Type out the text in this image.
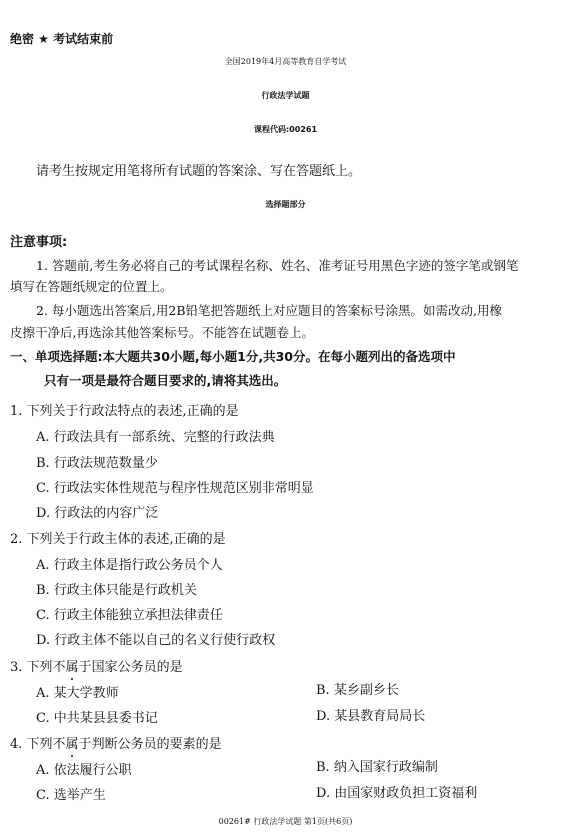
绝密 ★ 考试结束前
全国2019年4月高等教育自学考试
行政法学试题
课程代码:00261
请考生按规定用笔将所有试题的答案涂、写在答题纸上。
选择题部分
注意事项:
1. 答题前,考生务必将自己的考试课程名称、姓名、准考证号用黑色字迹的签字笔或钢笔
填写在答题纸规定的位置上。
2. 每小题选出答案后,用2B铅笔把答题纸上对应题目的答案标号涂黑。如需改动,用橡
皮擦干净后,再选涂其他答案标号。不能答在试题卷上。
一、单项选择题:本大题共30小题,每小题1分,共30分。在每小题列出的备选项中
只有一项是最符合题目要求的,请将其选出。
1. 下列关于行政法特点的表述,正确的是
A. 行政法具有一部系统、完整的行政法典
B. 行政法规范数量少
C. 行政法实体性规范与程序性规范区别非常明显
D. 行政法的内容广泛
2. 下列关于行政主体的表述,正确的是
A. 行政主体是指行政公务员个人
B. 行政主体只能是行政机关
C. 行政主体能独立承担法律责任
D. 行政主体不能以自己的名义行使行政权
3. 下列不属于国家公务员的是
A. 某大学教师	B. 某乡副乡长
C. 中共某县县委书记	D. 某县教育局局长
4. 下列不属于判断公务员的要素的是
A. 依法履行公职	B. 纳入国家行政编制
C. 选举产生	D. 由国家财政负担工资福利
00261# 行政法学试题 第1页(共6页)
